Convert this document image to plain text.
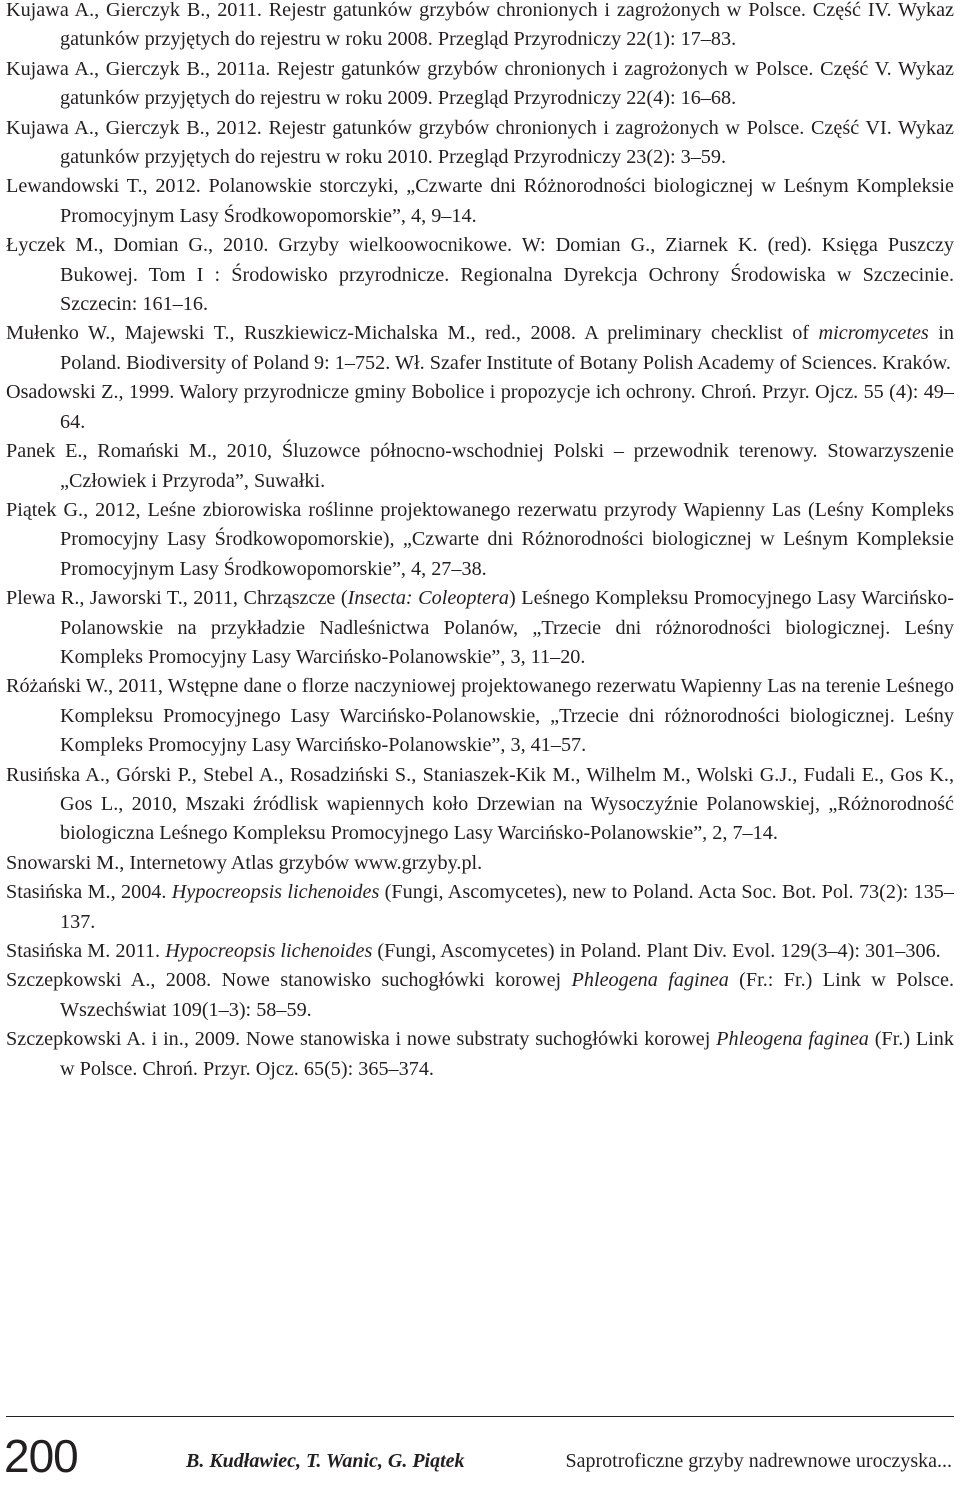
Kujawa A., Gierczyk B., 2011. Rejestr gatunków grzybów chronionych i zagrożonych w Polsce. Część IV. Wykaz gatunków przyjętych do rejestru w roku 2008. Przegląd Przyrodniczy 22(1): 17–83.
Kujawa A., Gierczyk B., 2011a. Rejestr gatunków grzybów chronionych i zagrożonych w Polsce. Część V. Wykaz gatunków przyjętych do rejestru w roku 2009. Przegląd Przyrodniczy 22(4): 16–68.
Kujawa A., Gierczyk B., 2012. Rejestr gatunków grzybów chronionych i zagrożonych w Polsce. Część VI. Wykaz gatunków przyjętych do rejestru w roku 2010. Przegląd Przyrodniczy 23(2): 3–59.
Lewandowski T., 2012. Polanowskie storczyki, „Czwarte dni Różnorodności biologicznej w Leśnym Kompleksie Promocyjnym Lasy Środkowopomorskie”, 4, 9–14.
Łyczek M., Domian G., 2010. Grzyby wielkoowocnikowe. W: Domian G., Ziarnek K. (red). Księga Puszczy Bukowej. Tom I : Środowisko przyrodnicze. Regionalna Dyrekcja Ochrony Środowiska w Szczecinie. Szczecin: 161–16.
Mułenko W., Majewski T., Ruszkiewicz-Michalska M., red., 2008. A preliminary checklist of micromycetes in Poland. Biodiversity of Poland 9: 1–752. Wł. Szafer Institute of Botany Polish Academy of Sciences. Kraków.
Osadowski Z., 1999. Walory przyrodnicze gminy Bobolice i propozycje ich ochrony. Chroń. Przyr. Ojcz. 55 (4): 49–64.
Panek E., Romański M., 2010, Śluzowce północno-wschodniej Polski – przewodnik terenowy. Stowarzyszenie „Człowiek i Przyroda”, Suwałki.
Piątek G., 2012, Leśne zbiorowiska roślinne projektowanego rezerwatu przyrody Wapienny Las (Leśny Kompleks Promocyjny Lasy Środkowopomorskie), „Czwarte dni Różnorodności biologicznej w Leśnym Kompleksie Promocyjnym Lasy Środkowopomorskie”, 4, 27–38.
Plewa R., Jaworski T., 2011, Chrząszcze (Insecta: Coleoptera) Leśnego Kompleksu Promocyjnego Lasy Warcińsko-Polanowskie na przykładzie Nadleśnictwa Polanów, „Trzecie dni różnorodności biologicznej. Leśny Kompleks Promocyjny Lasy Warcińsko-Polanowskie”, 3, 11–20.
Różański W., 2011, Wstępne dane o florze naczyniowej projektowanego rezerwatu Wapienny Las na terenie Leśnego Kompleksu Promocyjnego Lasy Warcińsko-Polanowskie, „Trzecie dni różnorodności biologicznej. Leśny Kompleks Promocyjny Lasy Warcińsko-Polanowskie”, 3, 41–57.
Rusińska A., Górski P., Stebel A., Rosadziński S., Staniaszek-Kik M., Wilhelm M., Wolski G.J., Fudali E., Gos K., Gos L., 2010, Mszaki źródlisk wapiennych koło Drzewian na Wysoczyźnie Polanowskiej, „Różnorodność biologiczna Leśnego Kompleksu Promocyjnego Lasy Warcińsko-Polanowskie”, 2, 7–14.
Snowarski M., Internetowy Atlas grzybów www.grzyby.pl.
Stasińska M., 2004. Hypocreopsis lichenoides (Fungi, Ascomycetes), new to Poland. Acta Soc. Bot. Pol. 73(2): 135–137.
Stasińska M. 2011. Hypocreopsis lichenoides (Fungi, Ascomycetes) in Poland. Plant Div. Evol. 129(3–4): 301–306.
Szczepkowski A., 2008. Nowe stanowisko suchogłówki korowej Phleogena faginea (Fr.: Fr.) Link w Polsce. Wszechświat 109(1–3): 58–59.
Szczepkowski A. i in., 2009. Nowe stanowiska i nowe substraty suchogłówki korowej Phleogena faginea (Fr.) Link w Polsce. Chroń. Przyr. Ojcz. 65(5): 365–374.
200	B. Kudławiec, T. Wanic, G. Piątek	Saprotroficzne grzyby nadrewnowe uroczyska...
